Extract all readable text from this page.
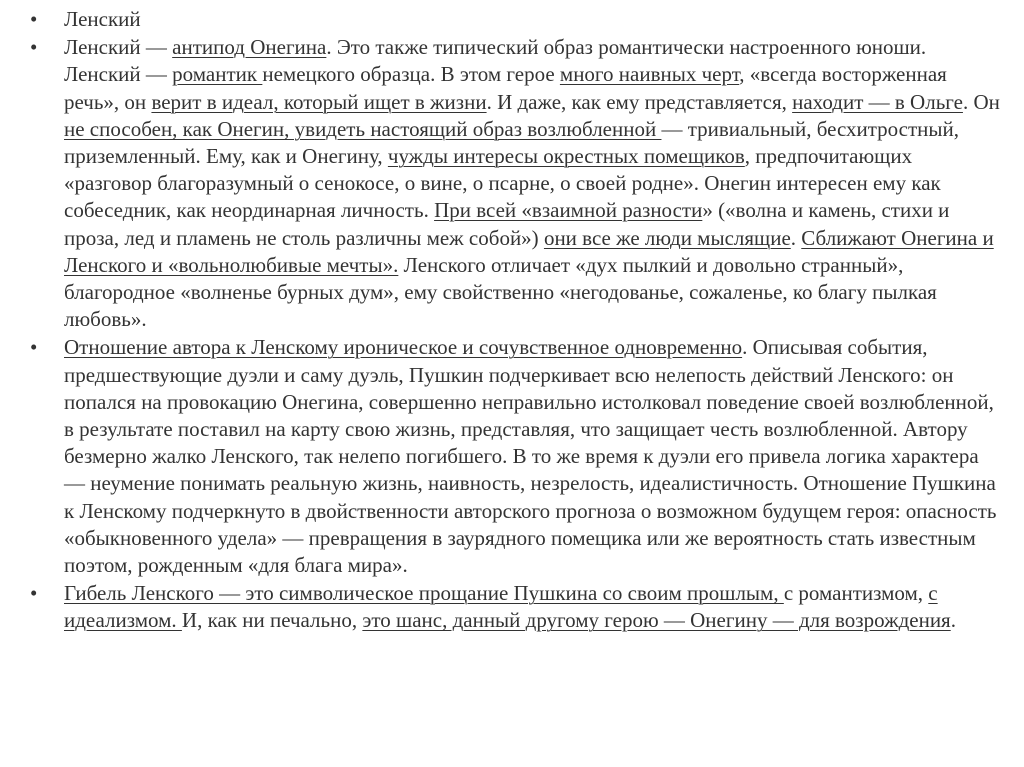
•	Ленский
•	Ленский — антипод Онегина. Это также типический образ романтически настроенного юноши. Ленский — романтик немецкого образца. В этом герое много наивных черт, «всегда восторженная речь», он верит в идеал, который ищет в жизни. И даже, как ему представляется, находит — в Ольге. Он не способен, как Онегин, увидеть настоящий образ возлюбленной — тривиальный, бесхитростный, приземленный. Ему, как и Онегину, чужды интересы окрестных помещиков, предпочитающих «разговор благоразумный о сенокосе, о вине, о псарне, о своей родне». Онегин интересен ему как собеседник, как неординарная личность. При всей «взаимной разности» («волна и камень, стихи и проза, лед и пламень не столь различны меж собой») они все же люди мыслящие. Сближают Онегина и Ленского и «вольнолюбивые мечты». Ленского отличает «дух пылкий и довольно странный», благородное «волненье бурных дум», ему свойственно «негодованье, сожаленье, ко благу пылкая любовь».
•	Отношение автора к Ленскому ироническое и сочувственное одновременно. Описывая события, предшествующие дуэли и саму дуэль, Пушкин подчеркивает всю нелепость действий Ленского: он попался на провокацию Онегина, совершенно неправильно истолковал поведение своей возлюбленной, в результате поставил на карту свою жизнь, представляя, что защищает честь возлюбленной. Автору безмерно жалко Ленского, так нелепо погибшего. В то же время к дуэли его привела логика характера — неумение понимать реальную жизнь, наивность, незрелость, идеалистичность. Отношение Пушкина к Ленскому подчеркнуто в двойственности авторского прогноза о возможном будущем героя: опасность «обыкновенного удела» — превращения в заурядного помещика или же вероятность стать известным поэтом, рожденным «для блага мира».
•	Гибель Ленского — это символическое прощание Пушкина со своим прошлым, с романтизмом, с идеализмом. И, как ни печально, это шанс, данный другому герою — Онегину — для возрождения.
